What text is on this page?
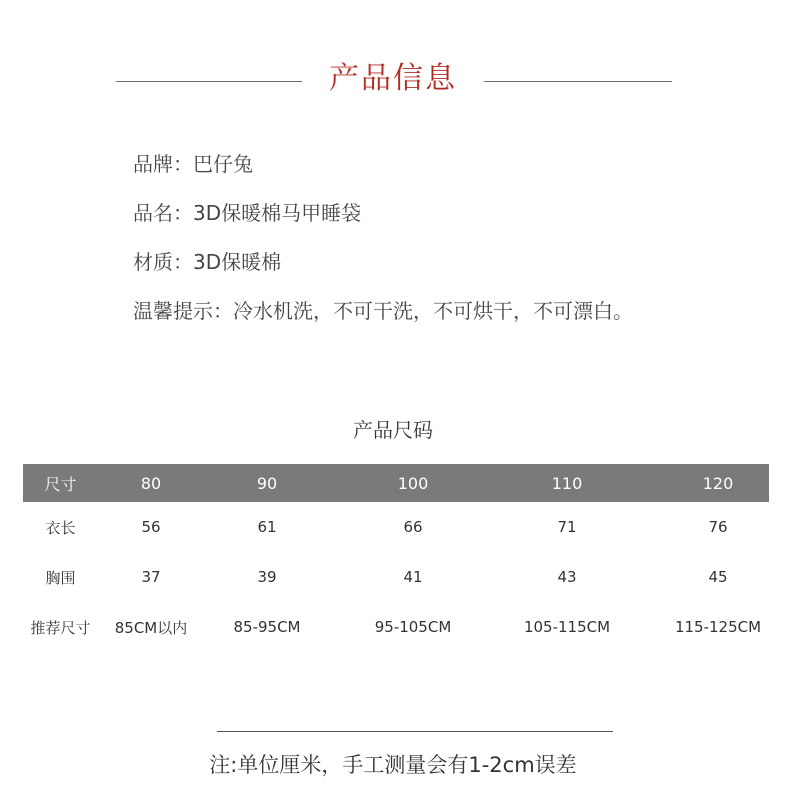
产品信息
品牌：巴仔兔
品名：3D保暖棉马甲睡袋
材质：3D保暖棉
温馨提示：冷水机洗，不可干洗，不可烘干，不可漂白。
产品尺码
尺寸	80	90	100	110	120
衣长	56	61	66	71	76
胸围	37	39	41	43	45
推荐尺寸	85CM以内	85-95CM	95-105CM	105-115CM	115-125CM
注:单位厘米，手工测量会有1-2cm误差
